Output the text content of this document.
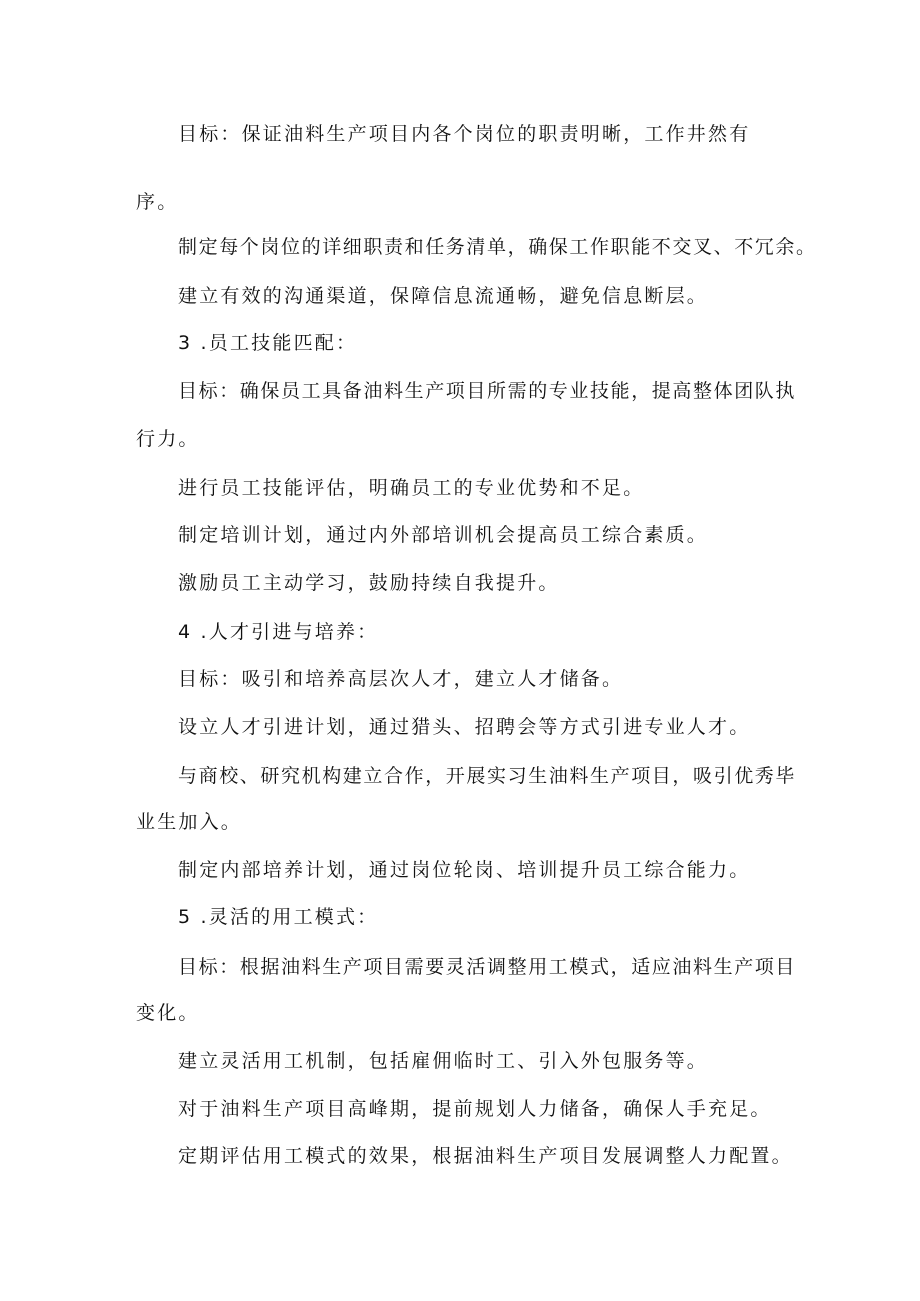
目标：保证油料生产项目内各个岗位的职责明晰，工作井然有

序。

制定每个岗位的详细职责和任务清单，确保工作职能不交叉、不冗余。

建立有效的沟通渠道，保障信息流通畅，避免信息断层。

3 .员工技能匹配：

目标：确保员工具备油料生产项目所需的专业技能，提高整体团队执

行力。

进行员工技能评估，明确员工的专业优势和不足。

制定培训计划，通过内外部培训机会提高员工综合素质。

激励员工主动学习，鼓励持续自我提升。

4 .人才引进与培养：

目标：吸引和培养高层次人才，建立人才储备。

设立人才引进计划，通过猎头、招聘会等方式引进专业人才。

与商校、研究机构建立合作，开展实习生油料生产项目，吸引优秀毕

业生加入。

制定内部培养计划，通过岗位轮岗、培训提升员工综合能力。

5 .灵活的用工模式：

目标：根据油料生产项目需要灵活调整用工模式，适应油料生产项目

变化。

建立灵活用工机制，包括雇佣临时工、引入外包服务等。

对于油料生产项目高峰期，提前规划人力储备，确保人手充足。

定期评估用工模式的效果，根据油料生产项目发展调整人力配置。
